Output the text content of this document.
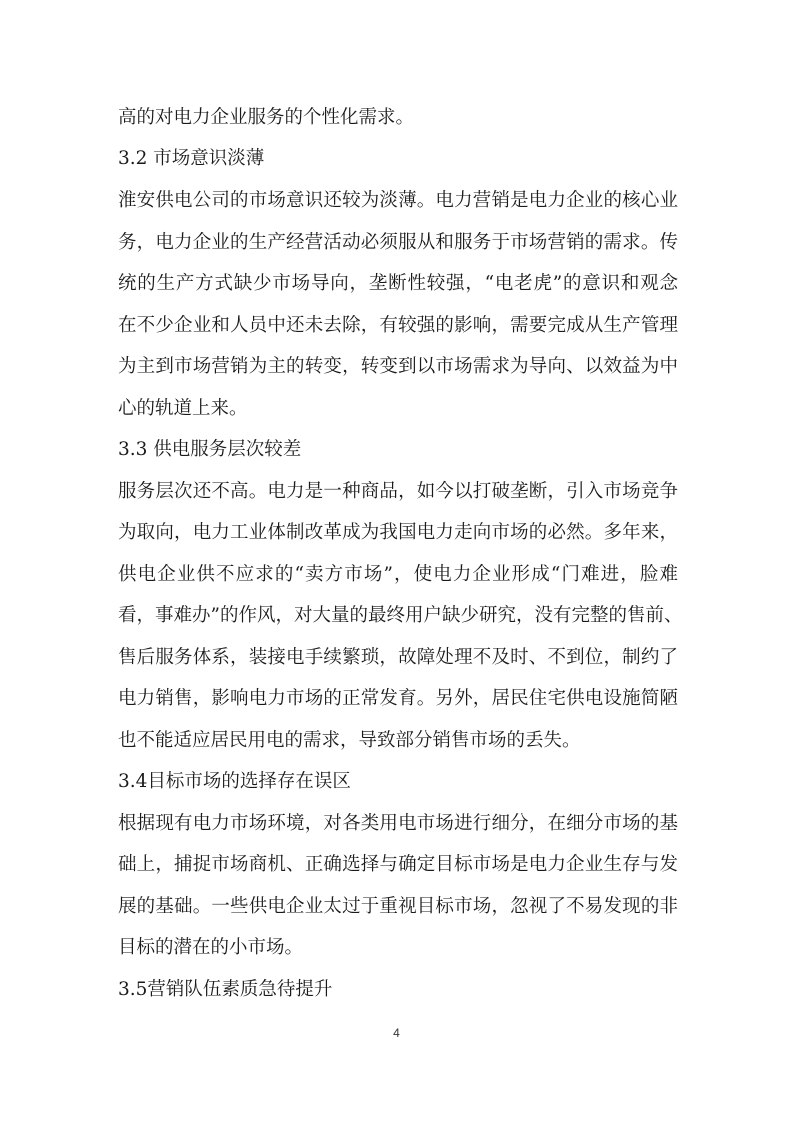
高的对电力企业服务的个性化需求。
3.2 市场意识淡薄
淮安供电公司的市场意识还较为淡薄。电力营销是电力企业的核心业
务，电力企业的生产经营活动必须服从和服务于市场营销的需求。传
统的生产方式缺少市场导向，垄断性较强，“电老虎”的意识和观念
在不少企业和人员中还未去除，有较强的影响，需要完成从生产管理
为主到市场营销为主的转变，转变到以市场需求为导向、以效益为中
心的轨道上来。
3.3 供电服务层次较差
服务层次还不高。电力是一种商品，如今以打破垄断，引入市场竞争
为取向，电力工业体制改革成为我国电力走向市场的必然。多年来，
供电企业供不应求的“卖方市场”，使电力企业形成“门难进，脸难
看，事难办”的作风，对大量的最终用户缺少研究，没有完整的售前、
售后服务体系，装接电手续繁琐，故障处理不及时、不到位，制约了
电力销售，影响电力市场的正常发育。另外，居民住宅供电设施简陋
也不能适应居民用电的需求，导致部分销售市场的丢失。
3.4目标市场的选择存在误区
根据现有电力市场环境，对各类用电市场进行细分，在细分市场的基
础上，捕捉市场商机、正确选择与确定目标市场是电力企业生存与发
展的基础。一些供电企业太过于重视目标市场，忽视了不易发现的非
目标的潜在的小市场。
3.5营销队伍素质急待提升
4
